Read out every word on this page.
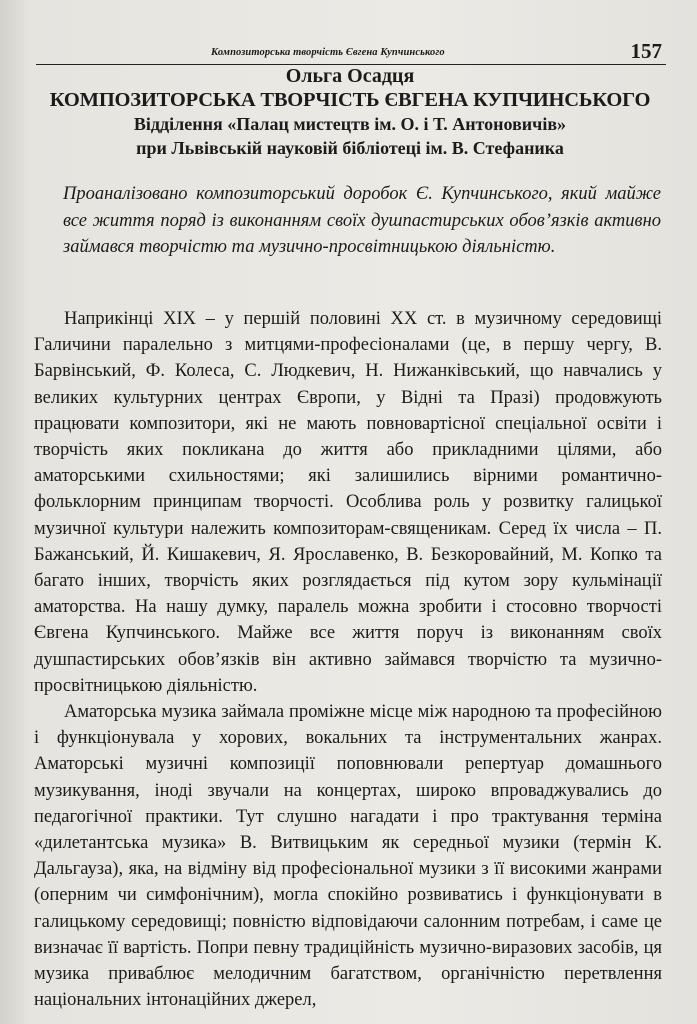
Композиторська творчість Євгена Купчинського	157
Ольга Осадця
КОМПОЗИТОРСЬКА ТВОРЧІСТЬ ЄВГЕНА КУПЧИНСЬКОГО
Відділення «Палац мистецтв ім. О. і Т. Антоновичів»
при Львівській науковій бібліотеці ім. В. Стефаника
Проаналізовано композиторський доробок Є. Купчинського, який майже все життя поряд із виконанням своїх душпастирських обов’язків активно займався творчістю та музично-просвітницькою діяльністю.

Наприкінці XIX – у першій половині XX ст. в музичному середовищі Галичини паралельно з митцями-професіоналами (це, в першу чергу, В. Барвінський, Ф. Колеса, С. Людкевич, Н. Нижанківський, що навчались у великих культурних центрах Європи, у Відні та Празі) продовжують працювати композитори, які не мають повновартісної спеціальної освіти і творчість яких покликана до життя або прикладними цілями, або аматорськими схильностями; які залишились вірними романтично-фольклорним принципам творчості. Особлива роль у розвитку галицької музичної культури належить композиторам-священикам. Серед їх числа – П. Бажанський, Й. Кишакевич, Я. Ярославенко, В. Безкоровайний, М. Копко та багато інших, творчість яких розглядається під кутом зору кульмінації аматорства. На нашу думку, паралель можна зробити і стосовно творчості Євгена Купчинського. Майже все життя поруч із виконанням своїх душпастирських обов’язків він активно займався творчістю та музично-просвітницькою діяльністю.

Аматорська музика займала проміжне місце між народною та професійною і функціонувала у хорових, вокальних та інструментальних жанрах. Аматорські музичні композиції поповнювали репертуар домашнього музикування, іноді звучали на концертах, широко впроваджувались до педагогічної практики. Тут слушно нагадати і про трактування терміна «дилетантська музика» В. Витвицьким як середньої музики (термін К. Дальгауза), яка, на відміну від професіональної музики з її високими жанрами (оперним чи симфонічним), могла спокійно розвиватись і функціонувати в галицькому середовищі; повністю відповідаючи салонним потребам, і саме це визначає її вартість. Попри певну традиційність музично-виразових засобів, ця музика приваблює мелодичним багатством, органічністю перетвлення національних інтонаційних джерел,
